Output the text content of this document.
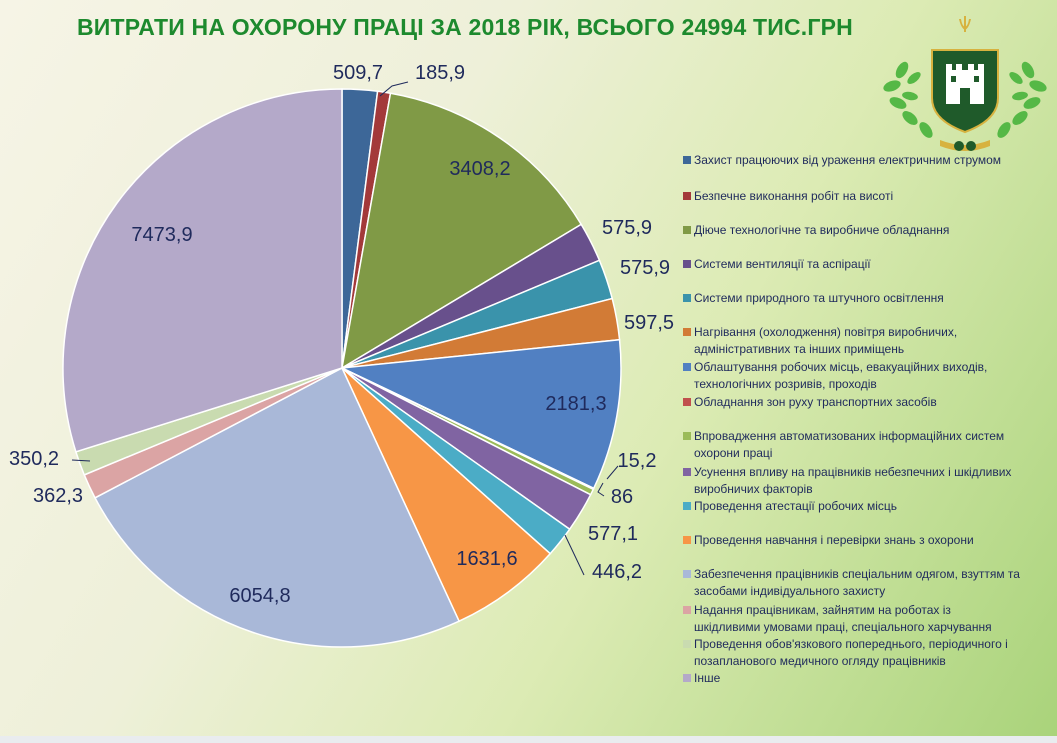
ВИТРАТИ НА ОХОРОНУ ПРАЦІ ЗА 2018 РІК, ВСЬОГО 24994 ТИС.ГРН
509,7 185,9
3408,2
575,9
575,9
597,5
2181,3
15,2
86
577,1
446,2
1631,6
6054,8
362,3
350,2
7473,9
Захист працюючих від ураження електричним струмом
Безпечне виконання робіт на висоті
Діюче технологічне та виробниче обладнання
Системи вентиляції та аспірації
Системи природного та штучного освітлення
Нагрівання (охолодження) повітря виробничих,
адміністративних та інших приміщень
Облаштування робочих місць, евакуаційних виходів,
технологічних розривів, проходів
Обладнання зон руху транспортних засобів
Впровадження автоматизованих інформаційних систем
охорони праці
Усунення впливу на працівників небезпечних і шкідливих
виробничих факторів
Проведення атестації робочих місць
Проведення навчання і перевірки знань з охорони
Забезпечення працівників спеціальним одягом, взуттям та
засобами індивідуального захисту
Надання працівникам, зайнятим на роботах із
шкідливими умовами праці, спеціального харчування
Проведення обов'язкового попереднього, періодичного і
позапланового медичного огляду працівників
Інше
